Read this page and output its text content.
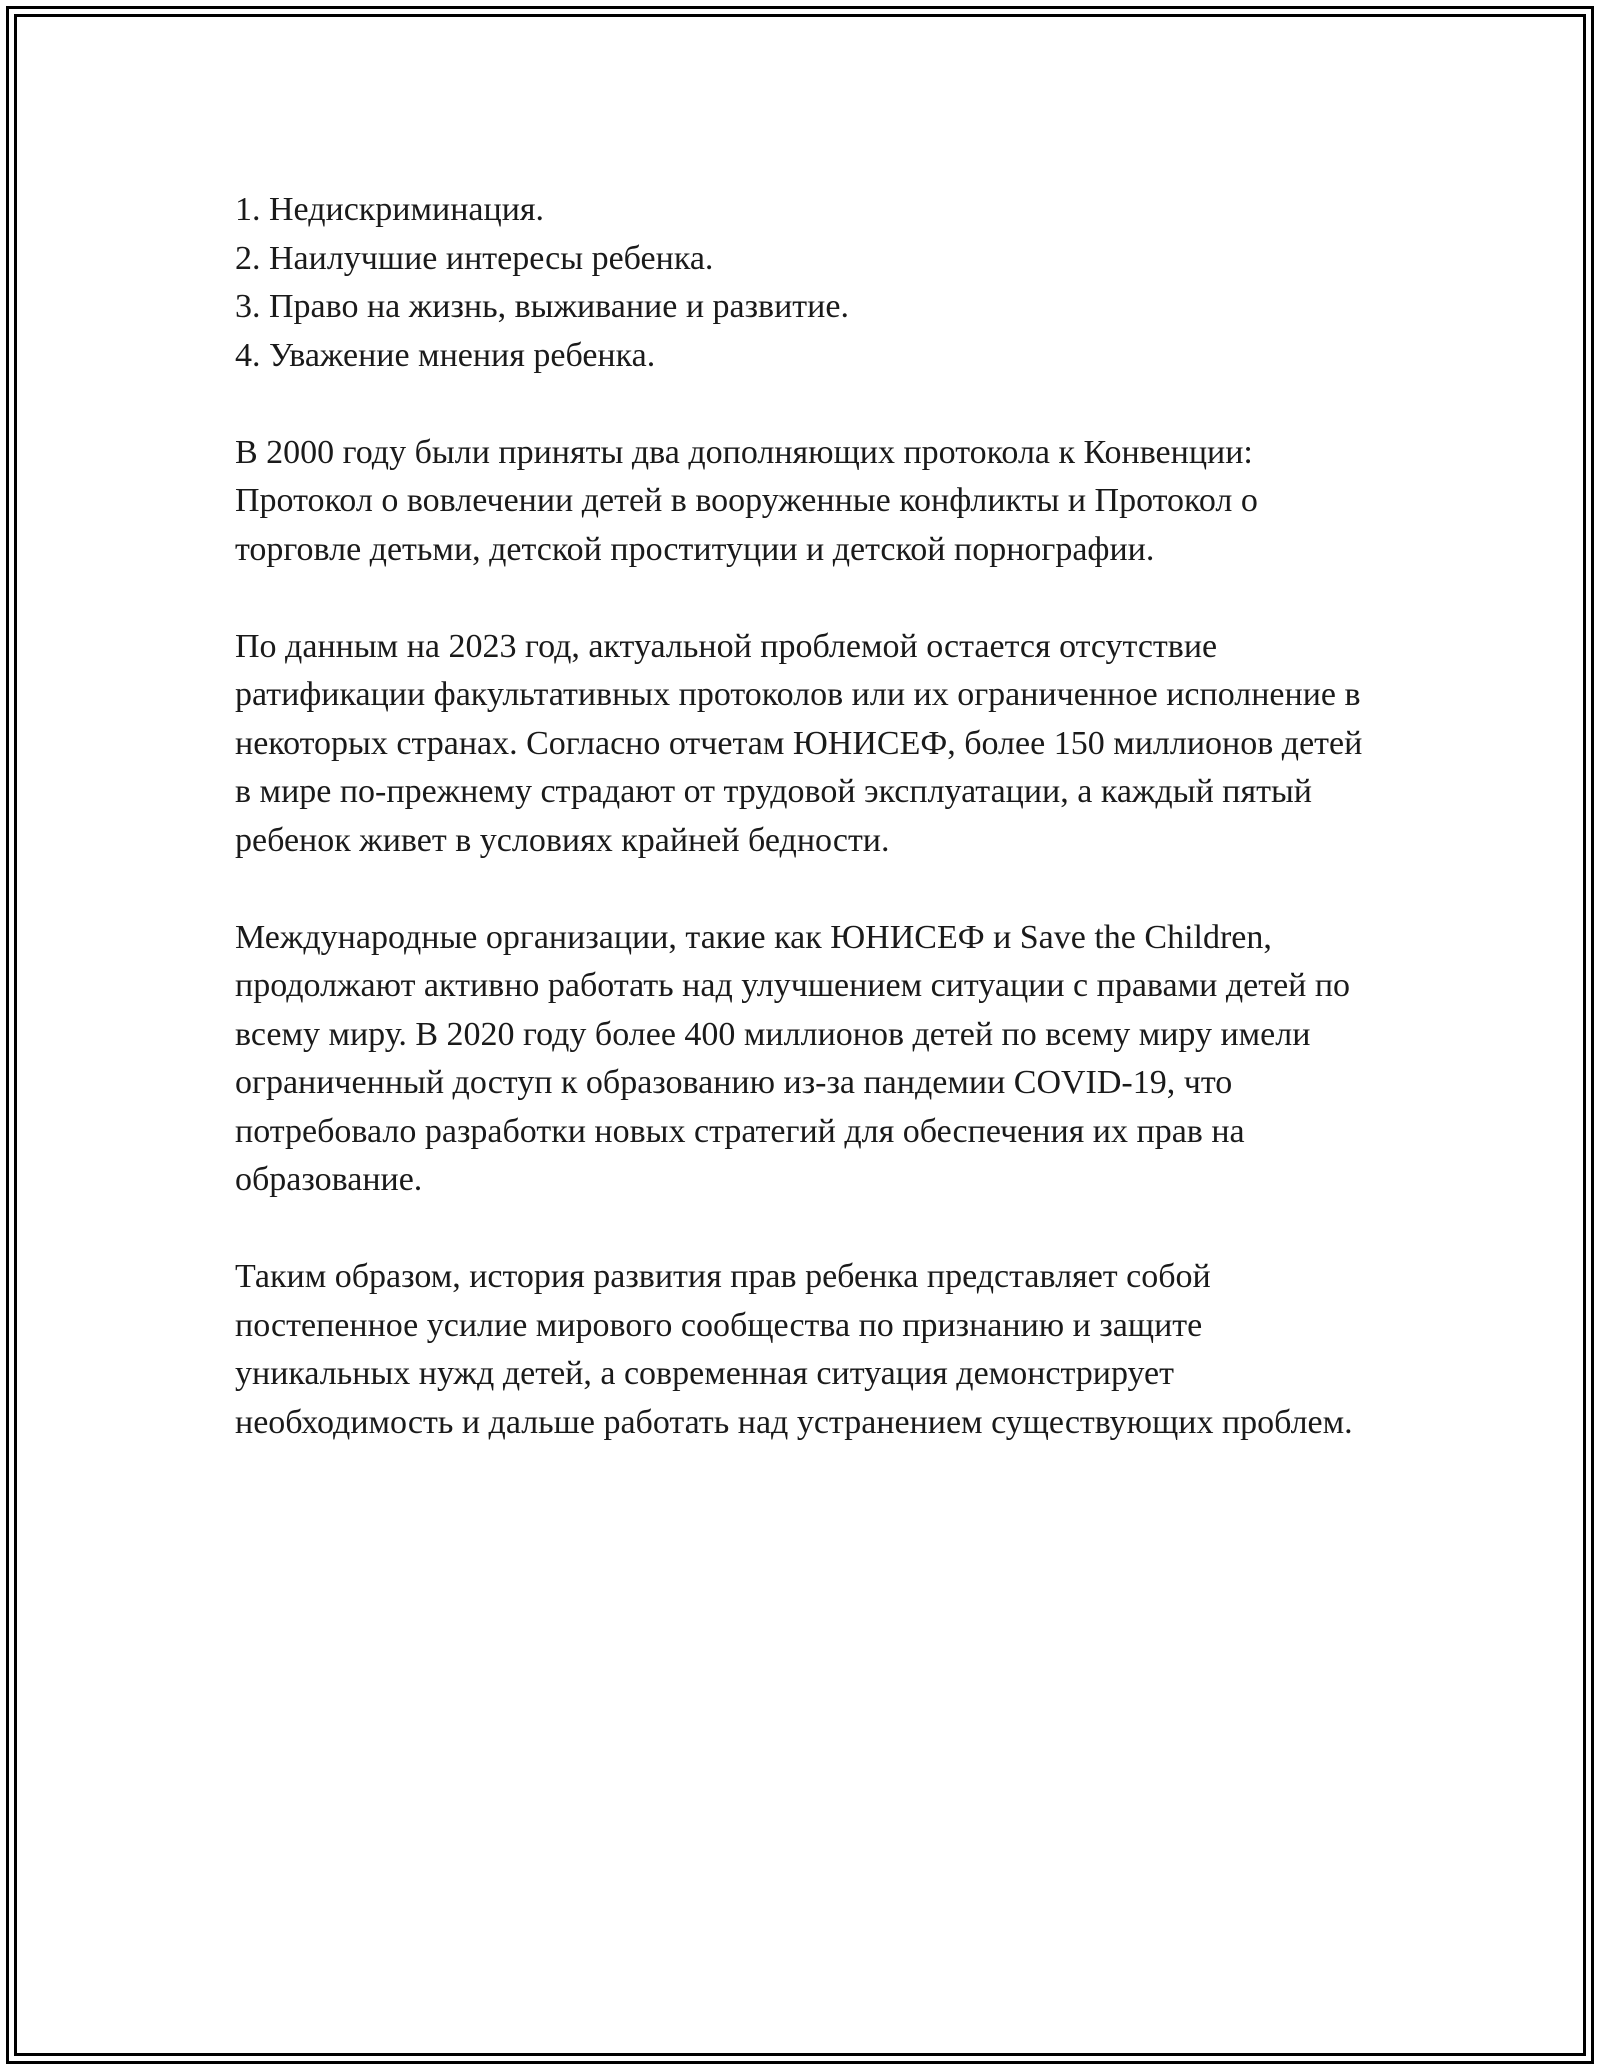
1. Недискриминация.
2. Наилучшие интересы ребенка.
3. Право на жизнь, выживание и развитие.
4. Уважение мнения ребенка.

В 2000 году были приняты два дополняющих протокола к Конвенции: Протокол о вовлечении детей в вооруженные конфликты и Протокол о торговле детьми, детской проституции и детской порнографии.

По данным на 2023 год, актуальной проблемой остается отсутствие ратификации факультативных протоколов или их ограниченное исполнение в некоторых странах. Согласно отчетам ЮНИСЕФ, более 150 миллионов детей в мире по-прежнему страдают от трудовой эксплуатации, а каждый пятый ребенок живет в условиях крайней бедности.

Международные организации, такие как ЮНИСЕФ и Save the Children, продолжают активно работать над улучшением ситуации с правами детей по всему миру. В 2020 году более 400 миллионов детей по всему миру имели ограниченный доступ к образованию из-за пандемии COVID-19, что потребовало разработки новых стратегий для обеспечения их прав на образование.

Таким образом, история развития прав ребенка представляет собой постепенное усилие мирового сообщества по признанию и защите уникальных нужд детей, а современная ситуация демонстрирует необходимость и дальше работать над устранением существующих проблем.
